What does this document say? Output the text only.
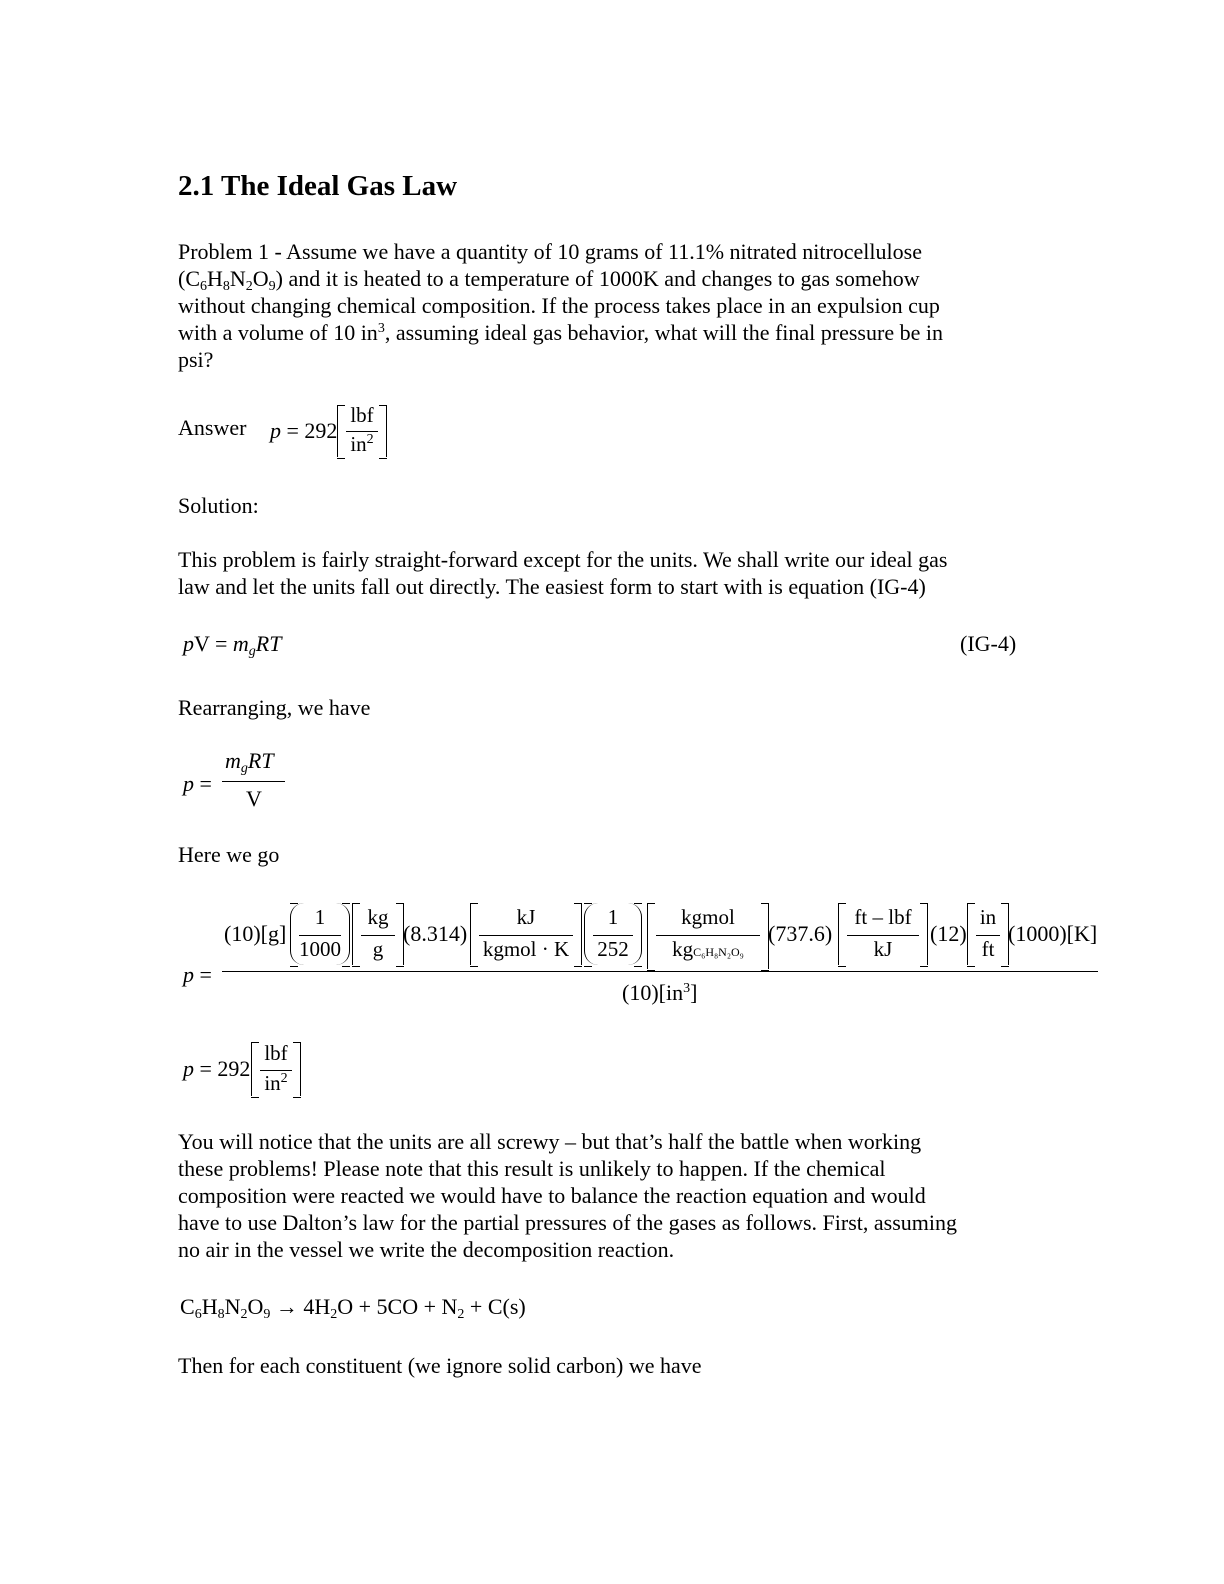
2.1 The Ideal Gas Law
Problem 1 - Assume we have a quantity of 10 grams of 11.1% nitrated nitrocellulose
$(C_6H_8N_2O_9)$ and it is heated to a temperature of 1000K and changes to gas somehow
without changing chemical composition. If the process takes place in an expulsion cup
with a volume of 10 $in^3$, assuming ideal gas behavior, what will the final pressure be in
psi?
Answer p = 292
lbf
$in^2$
Solution:
This problem is fairly straight-forward except for the units. We shall write our ideal gas
law and let the units fall out directly. The easiest form to start with is equation (IG-4)
pV = $m_gRT$	(IG-4)
Rearranging, we have
p =
$m_gRT$
V
Here we go
p =
(10)[g]
1
1000
kg
g
(8.314)
kJ
kgmol · K
1
252
kgmol
kgC₆H₈N₂O₉
(737.6)
ft – lbf
kJ
(12)
in
ft
(1000)[K]
$(10)[in^3]$
p = 292
lbf
$in^2$
You will notice that the units are all screwy – but that’s half the battle when working
these problems! Please note that this result is unlikely to happen. If the chemical
composition were reacted we would have to balance the reaction equation and would
have to use Dalton’s law for the partial pressures of the gases as follows. First, assuming
no air in the vessel we write the decomposition reaction.
$C_6H_8N_2O_9 \to 4H_2O + 5CO + N_2 + C(s)$
Then for each constituent (we ignore solid carbon) we have
